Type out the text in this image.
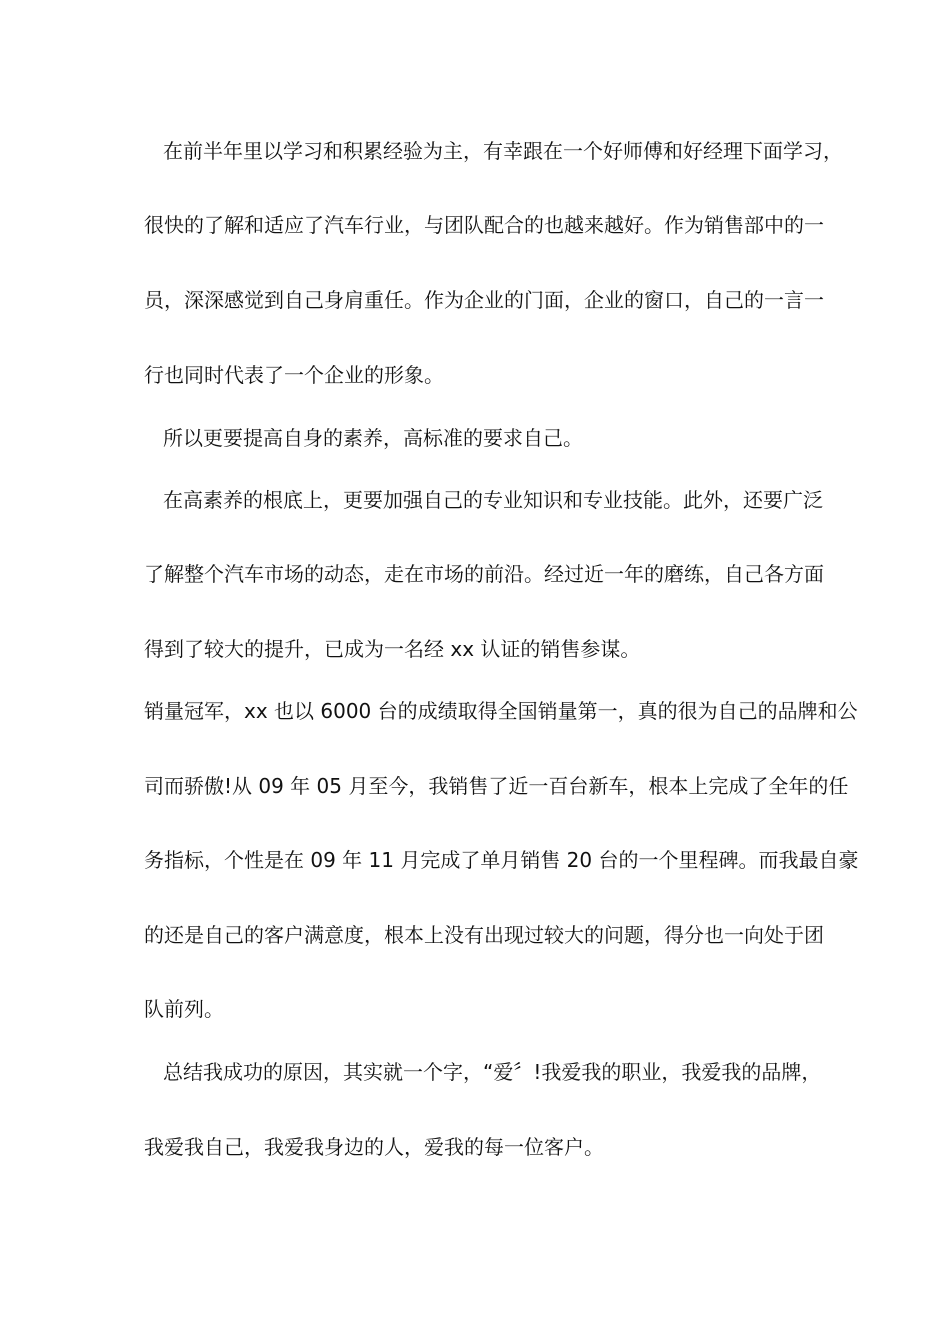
在前半年里以学习和积累经验为主，有幸跟在一个好师傅和好经理下面学习，
很快的了解和适应了汽车行业，与团队配合的也越来越好。作为销售部中的一
员，深深感觉到自己身肩重任。作为企业的门面，企业的窗口，自己的一言一
行也同时代表了一个企业的形象。
所以更要提高自身的素养，高标准的要求自己。
在高素养的根底上，更要加强自己的专业知识和专业技能。此外，还要广泛
了解整个汽车市场的动态，走在市场的前沿。经过近一年的磨练，自己各方面
得到了较大的提升，已成为一名经 xx 认证的销售参谋。
销量冠军，xx 也以 6000 台的成绩取得全国销量第一，真的很为自己的品牌和公
司而骄傲!从 09 年 05 月至今，我销售了近一百台新车，根本上完成了全年的任
务指标，个性是在 09 年 11 月完成了单月销售 20 台的一个里程碑。而我最自豪
的还是自己的客户满意度，根本上没有出现过较大的问题，得分也一向处于团
队前列。
总结我成功的原因，其实就一个字，“爱〞!我爱我的职业，我爱我的品牌，
我爱我自己，我爱我身边的人，爱我的每一位客户。
